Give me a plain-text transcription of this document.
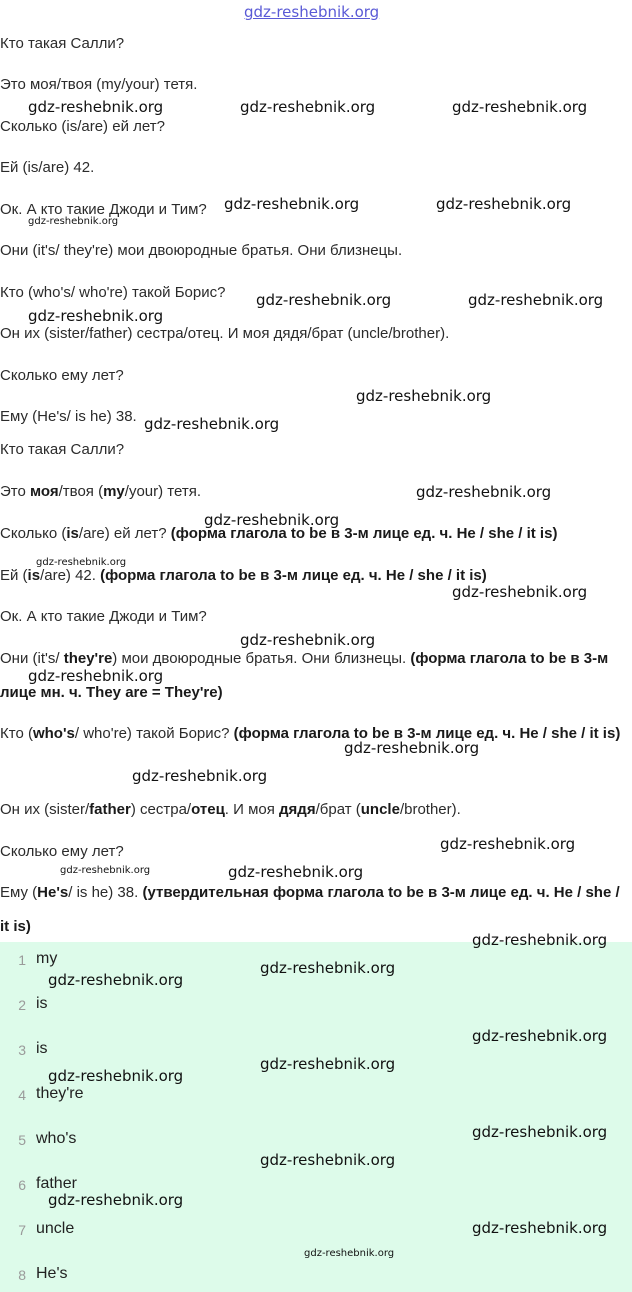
gdz-reshebnik.org
Кто такая Салли?
Это моя/твоя (my/your) тетя.
Сколько (is/are) ей лет?
Ей (is/are) 42.
Ок. А кто такие Джоди и Тим?
Они (it's/ they're) мои двоюродные братья. Они близнецы.
Кто (who's/ who're) такой Борис?
Он их (sister/father) сестра/отец. И моя дядя/брат (uncle/brother).
Сколько ему лет?
Ему (He's/ is he) 38.
Кто такая Салли?
Это моя/твоя (my/your) тетя.
Сколько (is/are) ей лет? (форма глагола to be в 3-м лице ед. ч. He / she / it is)
Ей (is/are) 42. (форма глагола to be в 3-м лице ед. ч. He / she / it is)
Ок. А кто такие Джоди и Тим?
Они (it's/ they're) мои двоюродные братья. Они близнецы. (форма глагола to be в 3-м лице мн. ч. They are = They're)
Кто (who's/ who're) такой Борис? (форма глагола to be в 3-м лице ед. ч. He / she / it is)
Он их (sister/father) сестра/отец. И моя дядя/брат (uncle/brother).
Сколько ему лет?
Ему (He's/ is he) 38. (утвердительная форма глагола to be в 3-м лице ед. ч. He / she / it is)
1 my
2 is
3 is
4 they're
5 who's
6 father
7 uncle
8 He's
gdz-reshebnik.org	gdz-reshebnik.org	gdz-reshebnik.org
gdz-reshebnik.org	gdz-reshebnik.org
gdz-reshebnik.org
gdz-reshebnik.org	gdz-reshebnik.org
gdz-reshebnik.org
gdz-reshebnik.org
gdz-reshebnik.org
gdz-reshebnik.org
gdz-reshebnik.org
gdz-reshebnik.org
gdz-reshebnik.org
gdz-reshebnik.org
gdz-reshebnik.org
gdz-reshebnik.org
gdz-reshebnik.org
gdz-reshebnik.org
gdz-reshebnik.org	gdz-reshebnik.org
gdz-reshebnik.org
gdz-reshebnik.org
gdz-reshebnik.org
gdz-reshebnik.org
gdz-reshebnik.org
gdz-reshebnik.org
gdz-reshebnik.org
gdz-reshebnik.org
gdz-reshebnik.org
gdz-reshebnik.org
gdz-reshebnik.org
